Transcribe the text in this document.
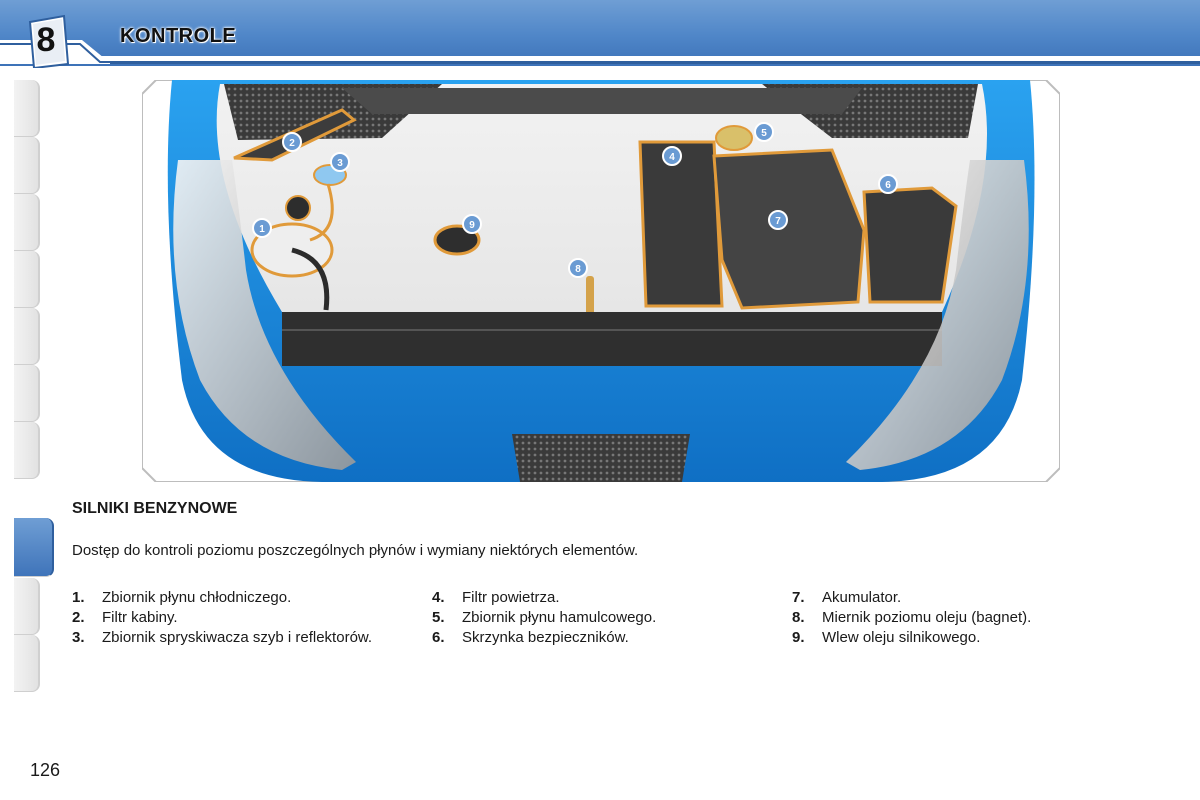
8	KONTROLE
1
2
3
4
5
6
7
8
9
SILNIKI BENZYNOWE
Dostęp do kontroli poziomu poszczególnych płynów i wymiany niektórych elementów.
1. Zbiornik płynu chłodniczego.
2. Filtr kabiny.
3. Zbiornik spryskiwacza szyb i reflektorów.
4. Filtr powietrza.
5. Zbiornik płynu hamulcowego.
6. Skrzynka bezpieczników.
7. Akumulator.
8. Miernik poziomu oleju (bagnet).
9. Wlew oleju silnikowego.
126
